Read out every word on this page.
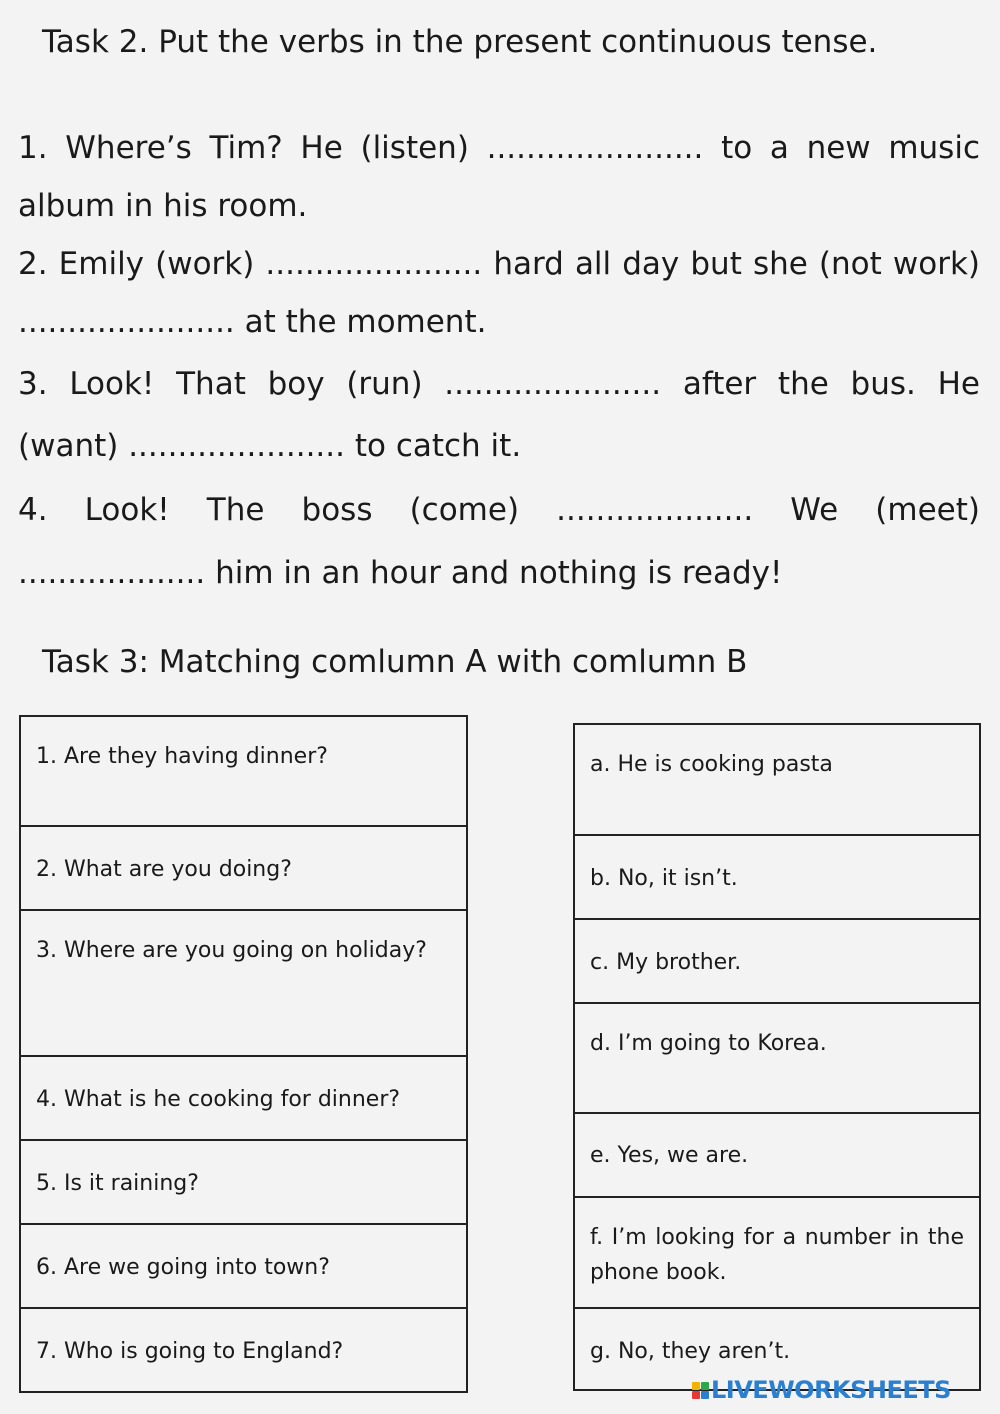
Task 2. Put the verbs in the present continuous tense.
1. Where’s Tim? He (listen) ...................... to a new music
album in his room.
2. Emily (work) ...................... hard all day but she (not work)
...................... at the moment.
3. Look! That boy (run) ...................... after the bus. He
(want) ...................... to catch it.
4. Look! The boss (come) .................... We (meet)
................... him in an hour and nothing is ready!
Task 3: Matching comlumn A with comlumn B
1. Are they having dinner?
2. What are you doing?
3. Where are you going on holiday?
4. What is he cooking for dinner?
5. Is it raining?
6. Are we going into town?
7. Who is going to England?
a. He is cooking pasta
b. No, it isn’t.
c. My brother.
d. I’m going to Korea.
e. Yes, we are.
f. I’m looking for a number in the phone book.
g. No, they aren’t.
LIVEWORKSHEETS
